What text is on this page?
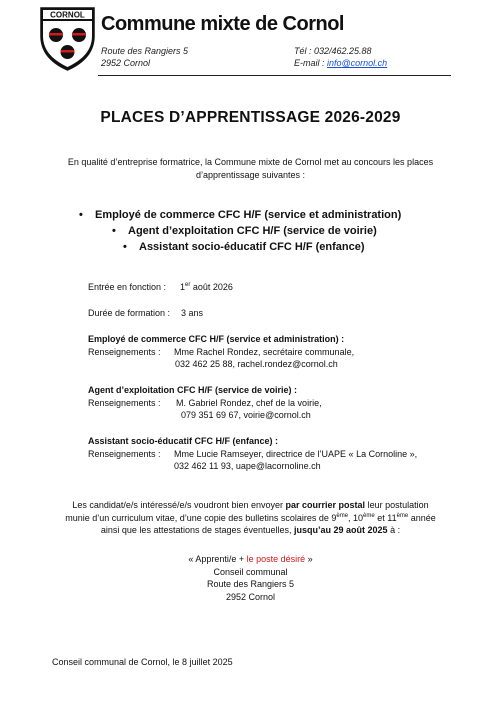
CORNOL Commune mixte de Cornol
Route des Rangiers 5
2952 Cornol
Tél : 032/462.25.88
E-mail : info@cornol.ch
PLACES D’APPRENTISSAGE 2026-2029
En qualité d’entreprise formatrice, la Commune mixte de Cornol met au concours les places
d’apprentissage suivantes :
• Employé de commerce CFC H/F (service et administration)
• Agent d’exploitation CFC H/F (service de voirie)
• Assistant socio-éducatif CFC H/F (enfance)
Entrée en fonction : 1er août 2026
Durée de formation : 3 ans
Employé de commerce CFC H/F (service et administration) :
Renseignements : Mme Rachel Rondez, secrétaire communale,
032 462 25 88, rachel.rondez@cornol.ch
Agent d’exploitation CFC H/F (service de voirie) :
Renseignements : M. Gabriel Rondez, chef de la voirie,
079 351 69 67, voirie@cornol.ch
Assistant socio-éducatif CFC H/F (enfance) :
Renseignements : Mme Lucie Ramseyer, directrice de l’UAPE « La Cornoline »,
032 462 11 93, uape@lacornoline.ch
Les candidat/e/s intéressé/e/s voudront bien envoyer par courrier postal leur postulation
munie d’un curriculum vitae, d’une copie des bulletins scolaires de 9ème, 10ème et 11ème année
ainsi que les attestations de stages éventuelles, jusqu’au 29 août 2025 à :
« Apprenti/e + le poste désiré »
Conseil communal
Route des Rangiers 5
2952 Cornol
Conseil communal de Cornol, le 8 juillet 2025
